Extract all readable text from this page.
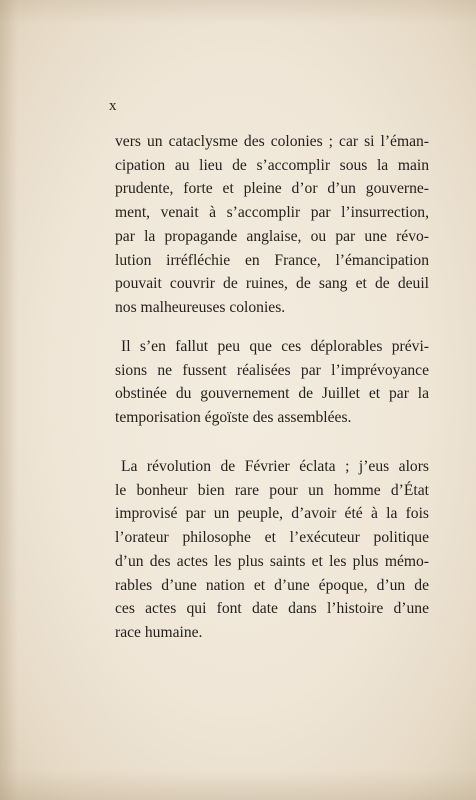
x
vers un cataclysme des colonies ; car si l’éman-
cipation au lieu de s’accomplir sous la main
prudente, forte et pleine d’or d’un gouverne-
ment, venait à s’accomplir par l’insurrection,
par la propagande anglaise, ou par une révo-
lution irréfléchie en France, l’émancipation
pouvait couvrir de ruines, de sang et de deuil
nos malheureuses colonies.
Il s’en fallut peu que ces déplorables prévi-
sions ne fussent réalisées par l’imprévoyance
obstinée du gouvernement de Juillet et par la
temporisation égoïste des assemblées.
La révolution de Février éclata ; j’eus alors
le bonheur bien rare pour un homme d’État
improvisé par un peuple, d’avoir été à la fois
l’orateur philosophe et l’exécuteur politique
d’un des actes les plus saints et les plus mémo-
rables d’une nation et d’une époque, d’un de
ces actes qui font date dans l’histoire d’une
race humaine.
